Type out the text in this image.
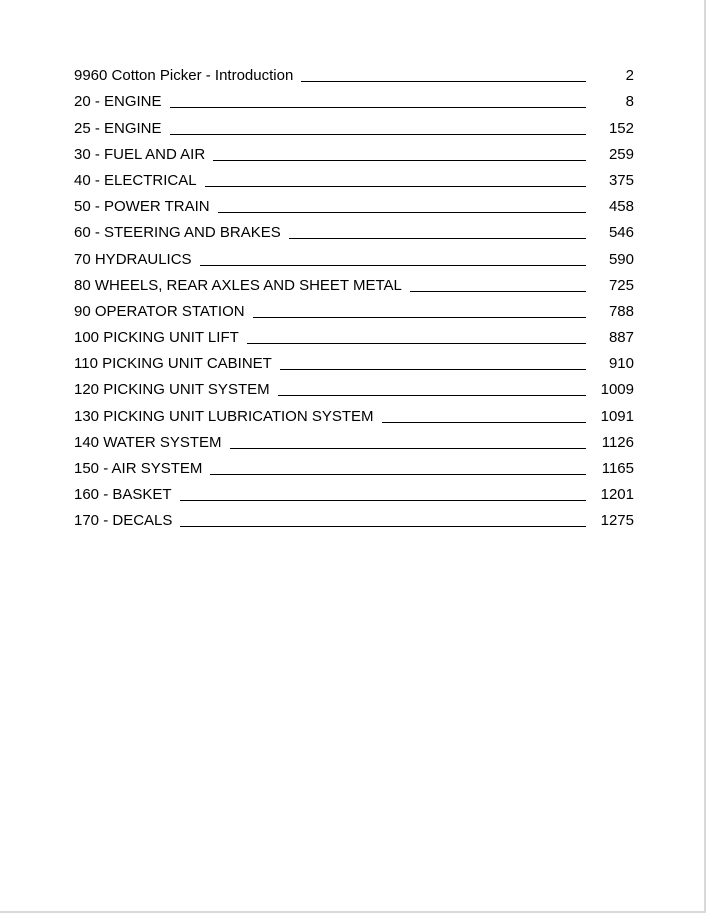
9960 Cotton Picker - Introduction	2
20 - ENGINE	8
25 - ENGINE	152
30 - FUEL AND AIR	259
40 - ELECTRICAL	375
50 - POWER TRAIN	458
60 - STEERING AND BRAKES	546
70 HYDRAULICS	590
80 WHEELS, REAR AXLES AND SHEET METAL	725
90 OPERATOR STATION	788
100 PICKING UNIT LIFT	887
110 PICKING UNIT CABINET	910
120 PICKING UNIT SYSTEM	1009
130 PICKING UNIT LUBRICATION SYSTEM	1091
140 WATER SYSTEM	1126
150 - AIR SYSTEM	1165
160 - BASKET	1201
170 - DECALS	1275
